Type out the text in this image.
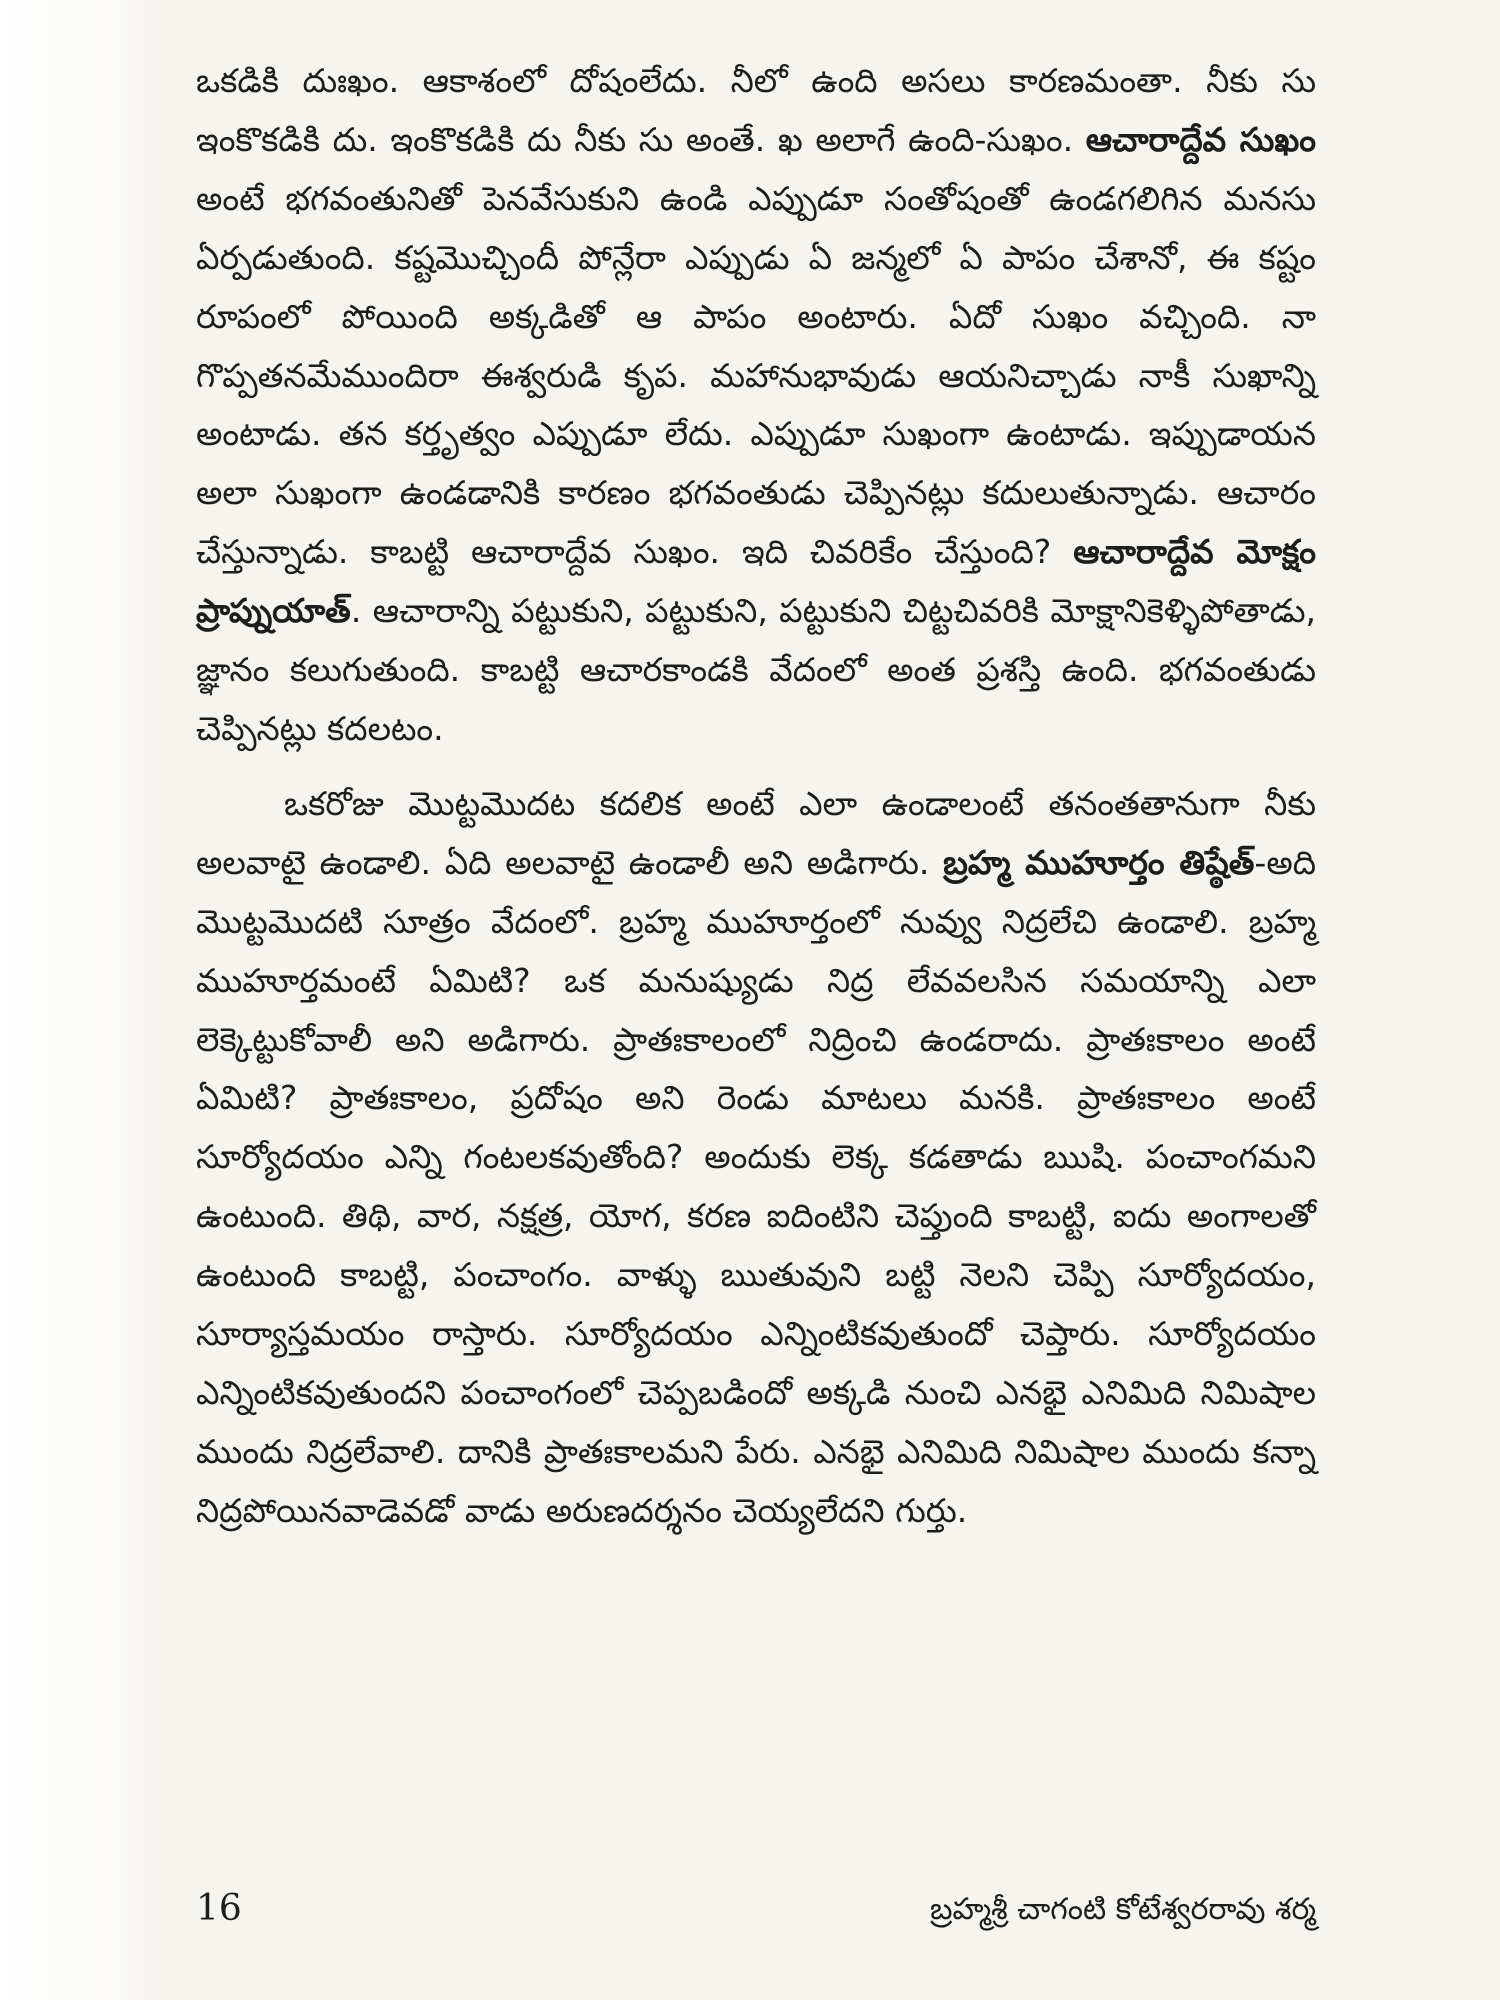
ఒకడికి దుఃఖం. ఆకాశంలో దోషంలేదు. నీలో ఉంది అసలు కారణమంతా. నీకు సు ఇంకొకడికి దు. ఇంకొకడికి దు నీకు సు అంతే. ఖ అలాగే ఉంది-సుఖం. ఆచారాద్దేవ సుఖం అంటే భగవంతునితో పెనవేసుకుని ఉండి ఎప్పుడూ సంతోషంతో ఉండగలిగిన మనసు ఏర్పడుతుంది. కష్టమొచ్చిందీ పోన్లేరా ఎప్పుడు ఏ జన్మలో ఏ పాపం చేశానో, ఈ కష్టం రూపంలో పోయింది అక్కడితో ఆ పాపం అంటారు. ఏదో సుఖం వచ్చింది. నా గొప్పతనమేముందిరా ఈశ్వరుడి కృప. మహానుభావుడు ఆయనిచ్చాడు నాకీ సుఖాన్ని అంటాడు. తన కర్తృత్వం ఎప్పుడూ లేదు. ఎప్పుడూ సుఖంగా ఉంటాడు. ఇప్పుడాయన అలా సుఖంగా ఉండడానికి కారణం భగవంతుడు చెప్పినట్లు కదులుతున్నాడు. ఆచారం చేస్తున్నాడు. కాబట్టి ఆచారాద్దేవ సుఖం. ఇది చివరికేం చేస్తుంది? ఆచారాద్దేవ మోక్షం ప్రాప్నుయాత్. ఆచారాన్ని పట్టుకుని, పట్టుకుని, పట్టుకుని చిట్టచివరికి మోక్షానికెళ్ళిపోతాడు, జ్ఞానం కలుగుతుంది. కాబట్టి ఆచారకాండకి వేదంలో అంత ప్రశస్తి ఉంది. భగవంతుడు చెప్పినట్లు కదలటం.

ఒకరోజు మొట్టమొదట కదలిక అంటే ఎలా ఉండాలంటే తనంతతానుగా నీకు అలవాటై ఉండాలి. ఏది అలవాటై ఉండాలీ అని అడిగారు. బ్రహ్మ ముహూర్తం తిష్ఠేత్-అది మొట్టమొదటి సూత్రం వేదంలో. బ్రహ్మ ముహూర్తంలో నువ్వు నిద్రలేచి ఉండాలి. బ్రహ్మ ముహూర్తమంటే ఏమిటి? ఒక మనుష్యుడు నిద్ర లేవవలసిన సమయాన్ని ఎలా లెక్కెట్టుకోవాలీ అని అడిగారు. ప్రాతఃకాలంలో నిద్రించి ఉండరాదు. ప్రాతఃకాలం అంటే ఏమిటి? ప్రాతఃకాలం, ప్రదోషం అని రెండు మాటలు మనకి. ప్రాతఃకాలం అంటే సూర్యోదయం ఎన్ని గంటలకవుతోంది? అందుకు లెక్క కడతాడు ఋషి. పంచాంగమని ఉంటుంది. తిథి, వార, నక్షత్ర, యోగ, కరణ ఐదింటిని చెప్తుంది కాబట్టి, ఐదు అంగాలతో ఉంటుంది కాబట్టి, పంచాంగం. వాళ్ళు ఋతువుని బట్టి నెలని చెప్పి సూర్యోదయం, సూర్యాస్తమయం రాస్తారు. సూర్యోదయం ఎన్నింటికవుతుందో చెప్తారు. సూర్యోదయం ఎన్నింటికవుతుందని పంచాంగంలో చెప్పబడిందో అక్కడి నుంచి ఎనభై ఎనిమిది నిమిషాల ముందు నిద్రలేవాలి. దానికి ప్రాతఃకాలమని పేరు. ఎనభై ఎనిమిది నిమిషాల ముందు కన్నా నిద్రపోయినవాడెవడో వాడు అరుణదర్శనం చెయ్యలేదని గుర్తు.

16	బ్రహ్మశ్రీ చాగంటి కోటేశ్వరరావు శర్మ
